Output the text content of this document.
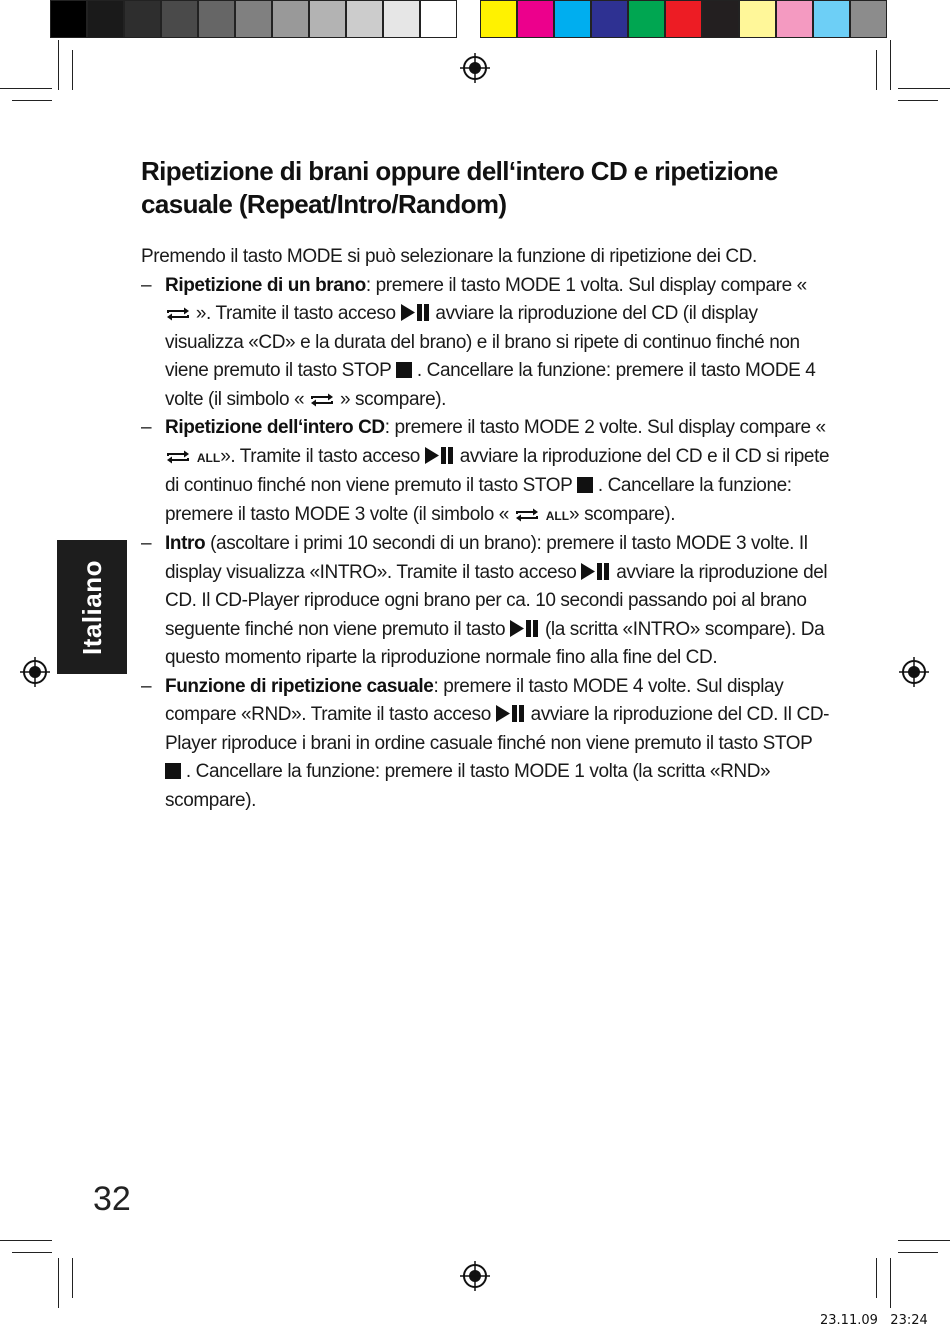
Italiano
Ripetizione di brani oppure dell‘intero CD e ripetizione casuale (Repeat/Intro/Random)

Premendo il tasto MODE si può selezionare la funzione di ripetizione dei CD.

– Ripetizione di un brano: premere il tasto MODE 1 volta. Sul display compare «  ». Tramite il tasto acceso  avviare la riproduzione del CD (il display visualizza «CD» e la durata del brano) e il brano si ripete di continuo finché non viene premuto il tasto STOP  . Cancellare la funzione: premere il tasto MODE 4 volte (il simbolo «  » scompare).
– Ripetizione dell‘intero CD: premere il tasto MODE 2 volte. Sul display compare «  ALL». Tramite il tasto acceso  avviare la riproduzione del CD e il CD si ripete di continuo finché non viene premuto il tasto STOP  . Cancellare la funzione: premere il tasto MODE 3 volte (il simbolo «	ALL» scompare).
– Intro (ascoltare i primi 10 secondi di un brano): premere il tasto MODE 3 volte. Il display visualizza «INTRO». Tramite il tasto acceso  avviare la riproduzione del CD. Il CD-Player riproduce ogni brano per ca. 10 secondi passando poi al brano seguente finché non viene premuto il tasto  (la scritta «INTRO» scompare). Da questo momento riparte la riproduzione normale fino alla fine del CD.
– Funzione di ripetizione casuale: premere il tasto MODE 4 volte. Sul display compare «RND». Tramite il tasto acceso  avviare la riproduzione del CD. Il CD-Player riproduce i brani in ordine casuale finché non viene premuto il tasto STOP  . Cancellare la funzione: premere il tasto MODE 1 volta (la scritta «RND» scompare).
32
23.11.09 23:24
